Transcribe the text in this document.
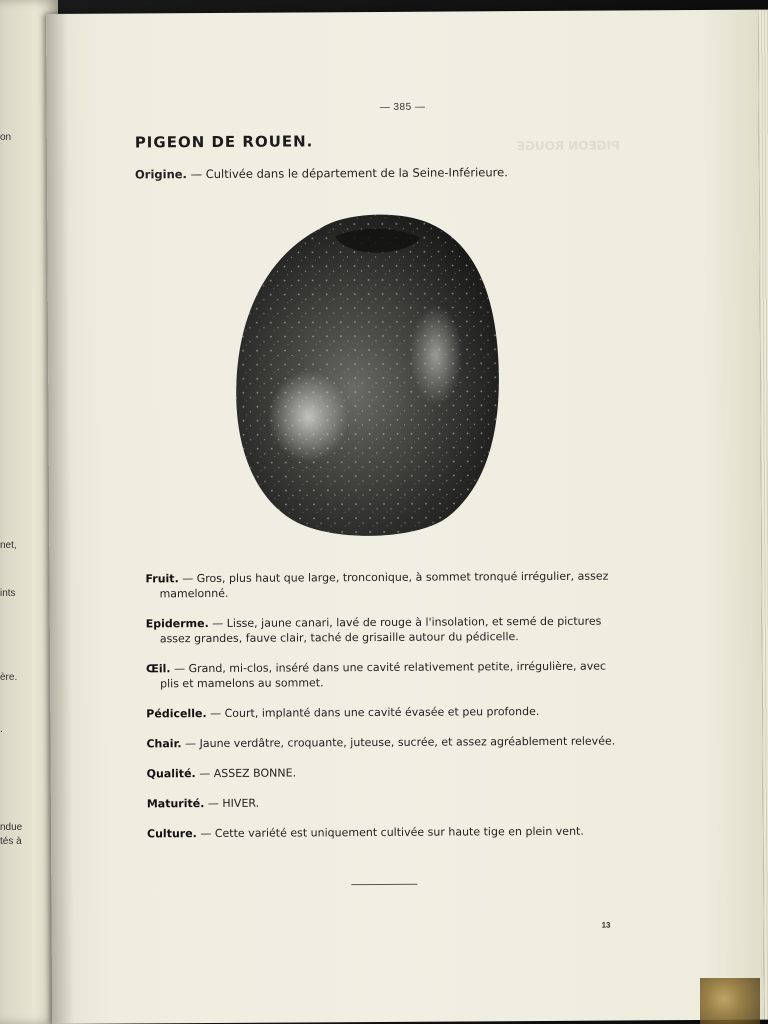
on
net,
ints
ère.
.
ndue
tés à
PIGEON ROUGE
— 385 —
PIGEON DE ROUEN.
Origine. — Cultivée dans le département de la Seine-Inférieure.
Fruit. — Gros, plus haut que large, tronconique, à sommet tronqué irrégulier, assez mamelonné.
Epiderme. — Lisse, jaune canari, lavé de rouge à l'insolation, et semé de pictures assez grandes, fauve clair, taché de grisaille autour du pédicelle.
Œil. — Grand, mi-clos, inséré dans une cavité relativement petite, irrégulière, avec plis et mamelons au sommet.
Pédicelle. — Court, implanté dans une cavité évasée et peu profonde.
Chair. — Jaune verdâtre, croquante, juteuse, sucrée, et assez agréablement relevée.
Qualité. — ASSEZ BONNE.
Maturité. — HIVER.
Culture. — Cette variété est uniquement cultivée sur haute tige en plein vent.
13
